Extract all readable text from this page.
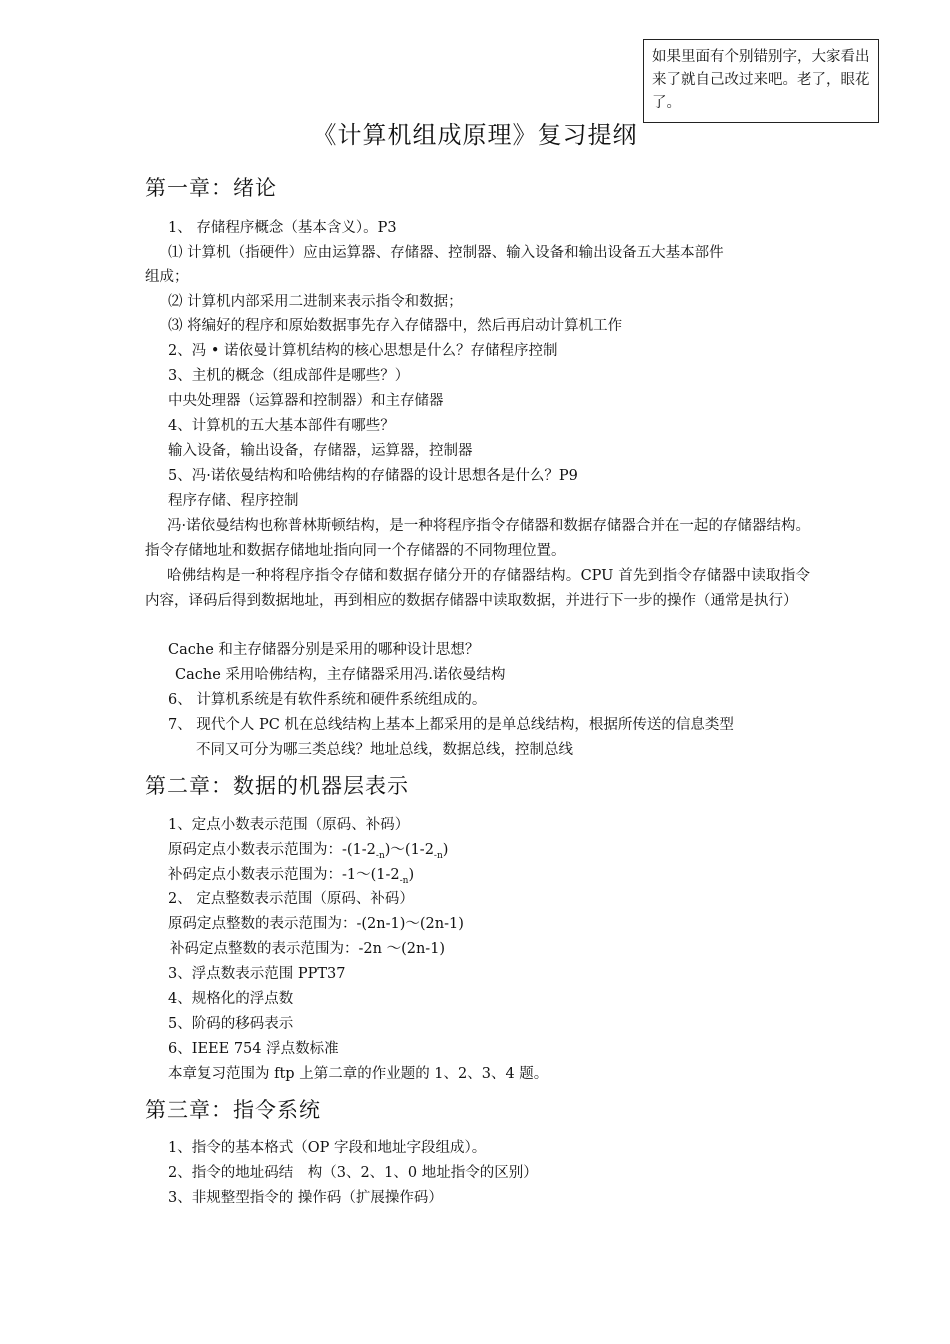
如果里面有个别错别字，大家看出来了就自己改过来吧。老了，眼花了。
《计算机组成原理》复习提纲
第一章：绪论
1、 存储程序概念（基本含义）。P3
⑴ 计算机（指硬件）应由运算器、存储器、控制器、输入设备和输出设备五大基本部件
组成；
⑵ 计算机内部采用二进制来表示指令和数据；
⑶ 将编好的程序和原始数据事先存入存储器中，然后再启动计算机工作
2、冯 • 诺依曼计算机结构的核心思想是什么？存储程序控制
3、主机的概念（组成部件是哪些？）
中央处理器（运算器和控制器）和主存储器
4、计算机的五大基本部件有哪些？
输入设备，输出设备，存储器，运算器，控制器
5、冯·诺依曼结构和哈佛结构的存储器的设计思想各是什么？P9
程序存储、程序控制
冯·诺依曼结构也称普林斯顿结构，是一种将程序指令存储器和数据存储器合并在一起的存储器结构。指令存储地址和数据存储地址指向同一个存储器的不同物理位置。
哈佛结构是一种将程序指令存储和数据存储分开的存储器结构。CPU 首先到指令存储器中读取指令内容，译码后得到数据地址，再到相应的数据存储器中读取数据，并进行下一步的操作（通常是执行）
Cache 和主存储器分别是采用的哪种设计思想？
Cache 采用哈佛结构，主存储器采用冯.诺依曼结构
6、 计算机系统是有软件系统和硬件系统组成的。
7、 现代个人 PC 机在总线结构上基本上都采用的是单总线结构，根据所传送的信息类型
不同又可分为哪三类总线？地址总线，数据总线，控制总线
第二章：数据的机器层表示
1、定点小数表示范围（原码、补码）
原码定点小数表示范围为：$-(1-2_{-n})\sim(1-2_{-n})$
补码定点小数表示范围为：$-1\sim(1-2_{-n})$
2、 定点整数表示范围（原码、补码）
原码定点整数的表示范围为：-(2n-1)～(2n-1)
补码定点整数的表示范围为：-2n ～(2n-1)
3、浮点数表示范围 PPT37
4、规格化的浮点数
5、阶码的移码表示
6、IEEE 754 浮点数标准
本章复习范围为 ftp 上第二章的作业题的 1、2、3、4 题。
第三章：指令系统
1、指令的基本格式（OP 字段和地址字段组成）。
2、指令的地址码结　构（3、2、1、0 地址指令的区别）
3、非规整型指令的 操作码（扩展操作码）
